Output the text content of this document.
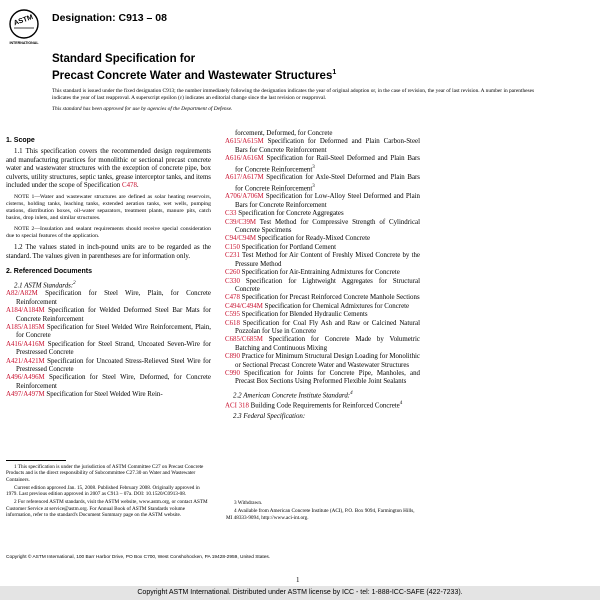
ASTM
INTERNATIONAL
Designation: C913 – 08
Standard Specification for
Precast Concrete Water and Wastewater Structures$^1$

This standard is issued under the fixed designation C913; the number immediately following the designation indicates the year of original adoption or, in the case of revision, the year of last revision. A number in parentheses indicates the year of last reapproval. A superscript epsilon (ε) indicates an editorial change since the last revision or reapproval.

This standard has been approved for use by agencies of the Department of Defense.

1. Scope

1.1 This specification covers the recommended design requirements and manufacturing practices for monolithic or sectional precast concrete water and wastewater structures with the exception of concrete pipe, box culverts, utility structures, septic tanks, grease interceptor tanks, and items included under the scope of Specification C478.

NOTE 1—Water and wastewater structures are defined as solar heating reservoirs, cisterns, holding tanks, leaching tanks, extended aeration tanks, wet wells, pumping stations, distribution boxes, oil-water separators, treatment plants, manure pits, catch basins, drop inlets, and similar structures.

NOTE 2—Insulation and sealant requirements should receive special consideration due to special features of the application.

1.2 The values stated in inch-pound units are to be regarded as the standard. The values given in parentheses are for information only.

2. Referenced Documents

2.1 ASTM Standards:$^2$

A82/A82M Specification for Steel Wire, Plain, for Concrete Reinforcement

A184/A184M Specification for Welded Deformed Steel Bar Mats for Concrete Reinforcement

A185/A185M Specification for Steel Welded Wire Reinforcement, Plain, for Concrete

A416/A416M Specification for Steel Strand, Uncoated Seven-Wire for Prestressed Concrete

A421/A421M Specification for Uncoated Stress-Relieved Steel Wire for Prestressed Concrete

A496/A496M Specification for Steel Wire, Deformed, for Concrete Reinforcement

A497/A497M Specification for Steel Welded Wire Rein-

forcement, Deformed, for Concrete

A615/A615M Specification for Deformed and Plain Carbon-Steel Bars for Concrete Reinforcement

A616/A616M Specification for Rail-Steel Deformed and Plain Bars for Concrete Reinforcement$^3$

A617/A617M Specification for Axle-Steel Deformed and Plain Bars for Concrete Reinforcement$^3$

A706/A706M Specification for Low-Alloy Steel Deformed and Plain Bars for Concrete Reinforcement

C33 Specification for Concrete Aggregates

C39/C39M Test Method for Compressive Strength of Cylindrical Concrete Specimens

C94/C94M Specification for Ready-Mixed Concrete

C150 Specification for Portland Cement

C231 Test Method for Air Content of Freshly Mixed Concrete by the Pressure Method

C260 Specification for Air-Entraining Admixtures for Concrete

C330 Specification for Lightweight Aggregates for Structural Concrete

C478 Specification for Precast Reinforced Concrete Manhole Sections

C494/C494M Specification for Chemical Admixtures for Concrete

C595 Specification for Blended Hydraulic Cements

C618 Specification for Coal Fly Ash and Raw or Calcined Natural Pozzolan for Use in Concrete

C685/C685M Specification for Concrete Made by Volumetric Batching and Continuous Mixing

C890 Practice for Minimum Structural Design Loading for Monolithic or Sectional Precast Concrete Water and Wastewater Structures

C990 Specification for Joints for Concrete Pipe, Manholes, and Precast Box Sections Using Preformed Flexible Joint Sealants

2.2 American Concrete Institute Standard:$^4$

ACI 318 Building Code Requirements for Reinforced Concrete$^4$

2.3 Federal Specification:

1 This specification is under the jurisdiction of ASTM Committee C27 on Precast Concrete Products and is the direct responsibility of Subcommittee C27.30 on Water and Wastewater Containers.

Current edition approved Jan. 15, 2008. Published February 2008. Originally approved in 1979. Last previous edition approved in 2007 as C913 – 07a. DOI: 10.1520/C0913-08.

2 For referenced ASTM standards, visit the ASTM website, www.astm.org, or contact ASTM Customer Service at service@astm.org. For Annual Book of ASTM Standards volume information, refer to the standard's Document Summary page on the ASTM website.

3 Withdrawn.

4 Available from American Concrete Institute (ACI), P.O. Box 9094, Farmington Hills, MI 48333-9094, http://www.aci-int.org.

Copyright © ASTM International, 100 Barr Harbor Drive, PO Box C700, West Conshohocken, PA 19428-2959, United States.
1
Copyright ASTM International. Distributed under ASTM license by ICC - tel: 1-888-ICC-SAFE (422-7233).
